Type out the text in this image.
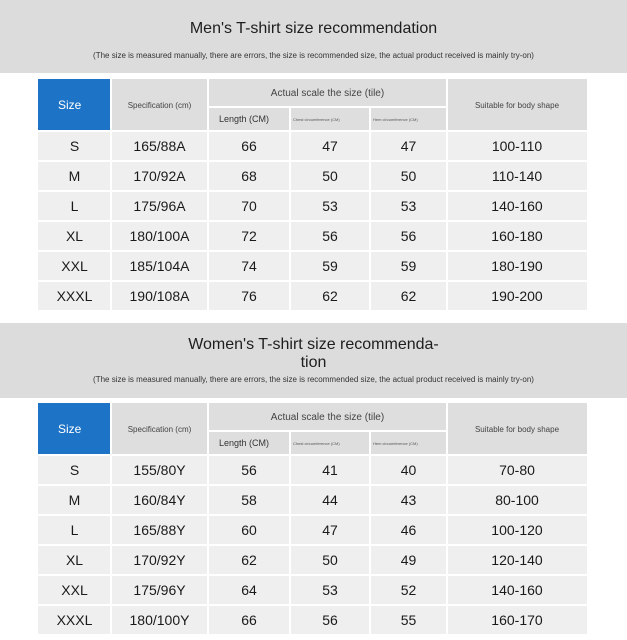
Men's T-shirt size recommendation
(The size is measured manually, there are errors, the size is recommended size, the actual product received is mainly try-on)
Size	Specification (cm)
Actual scale the size (tile)
Length (CM)	Chest circumference (CM)	Hem circumference (CM)
Suitable for body shape
S	165/88A	66	47	47	100-110
M	170/92A	68	50	50	110-140
L	175/96A	70	53	53	140-160
XL	180/100A	72	56	56	160-180
XXL	185/104A	74	59	59	180-190
XXXL	190/108A	76	62	62	190-200
Women's T-shirt size recommenda-
tion
(The size is measured manually, there are errors, the size is recommended size, the actual product received is mainly try-on)
Size	Specification (cm)
Actual scale the size (tile)
Length (CM)	Chest circumference (CM)	Hem circumference (CM)
Suitable for body shape
S	155/80Y	56	41	40	70-80
M	160/84Y	58	44	43	80-100
L	165/88Y	60	47	46	100-120
XL	170/92Y	62	50	49	120-140
XXL	175/96Y	64	53	52	140-160
XXXL	180/100Y	66	56	55	160-170
